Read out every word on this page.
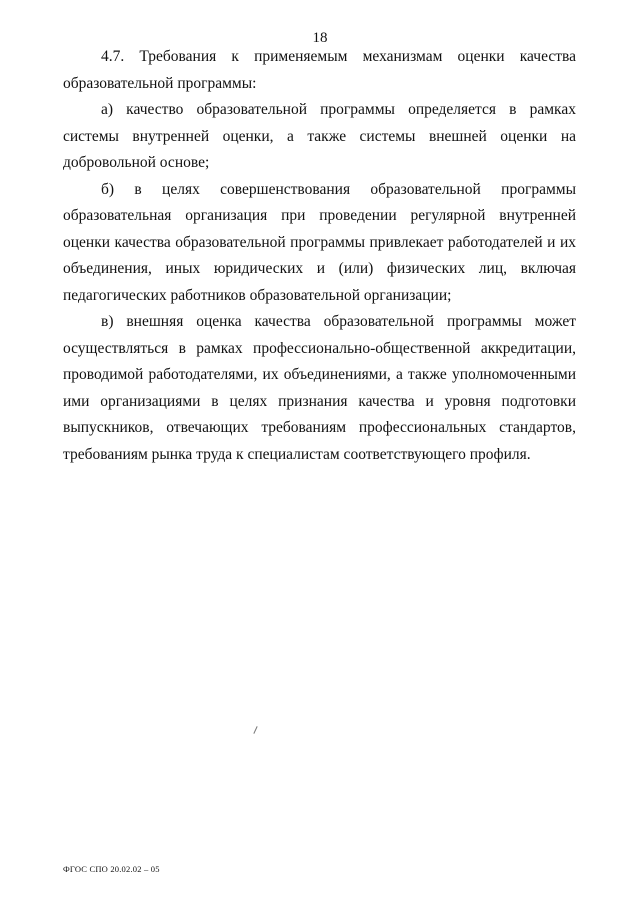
18

4.7. Требования к применяемым механизмам оценки качества образовательной программы:

а) качество образовательной программы определяется в рамках системы внутренней оценки, а также системы внешней оценки на добровольной основе;

б) в целях совершенствования образовательной программы образовательная организация при проведении регулярной внутренней оценки качества образовательной программы привлекает работодателей и их объединения, иных юридических и (или) физических лиц, включая педагогических работников образовательной организации;

в) внешняя оценка качества образовательной программы может осуществляться в рамках профессионально-общественной аккредитации, проводимой работодателями, их объединениями, а также уполномоченными ими организациями в целях признания качества и уровня подготовки выпускников, отвечающих требованиям профессиональных стандартов, требованиям рынка труда к специалистам соответствующего профиля.

ФГОС СПО 20.02.02 – 05
